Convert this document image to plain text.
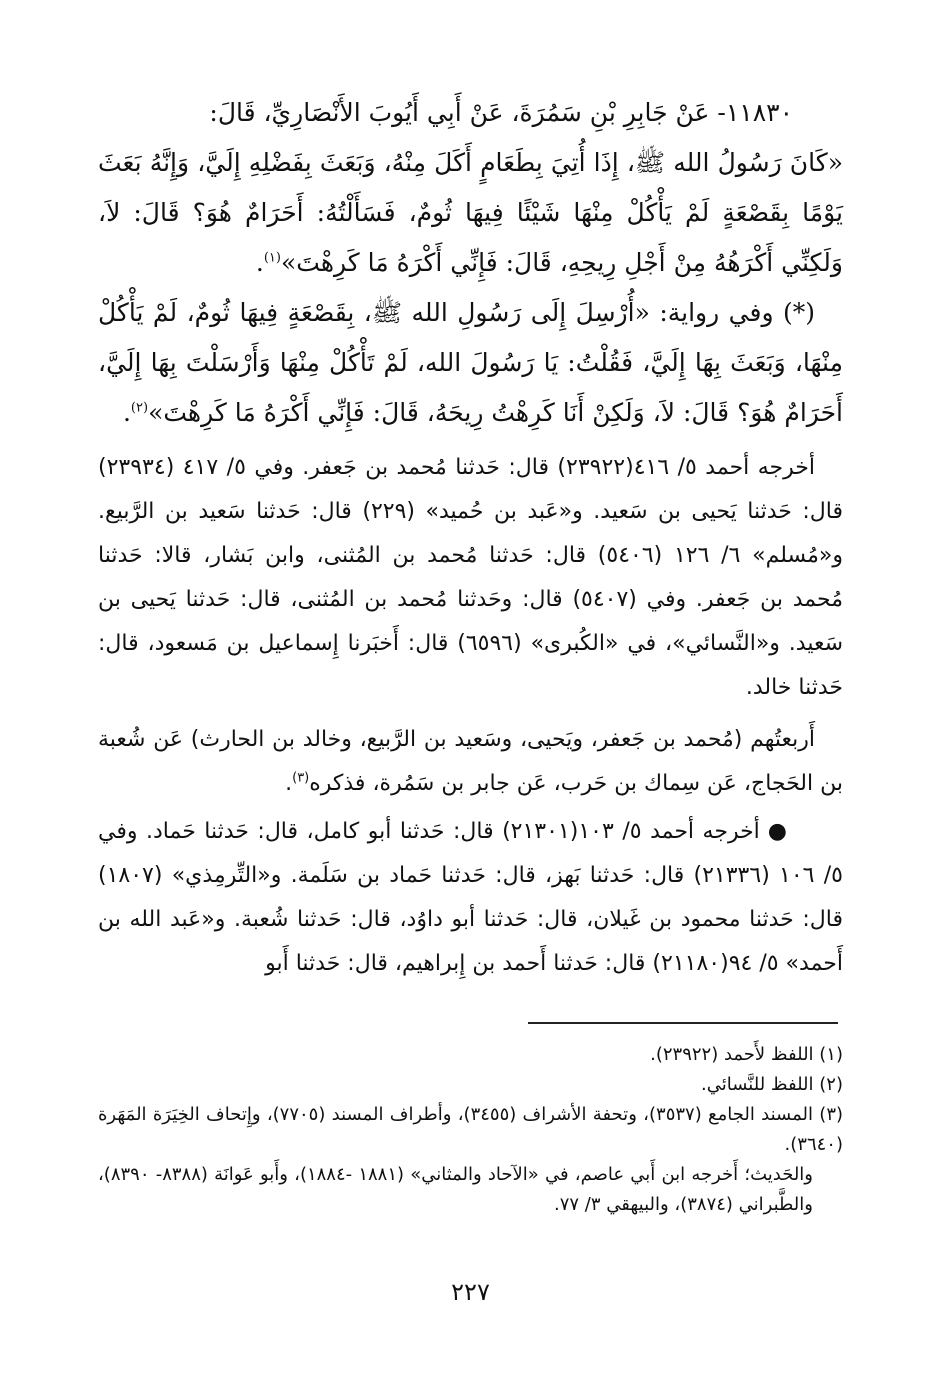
١١٨٣٠- عَنْ جَابِرِ بْنِ سَمُرَةَ، عَنْ أَبِي أَيُوبَ الأَنْصَارِيِّ، قَالَ:

«كَانَ رَسُولُ الله ﷺ، إِذَا أُتِيَ بِطَعَامٍ أَكَلَ مِنْهُ، وَبَعَثَ بِفَضْلِهِ إِلَيَّ، وَإِنَّهُ بَعَثَ يَوْمًا بِقَصْعَةٍ لَمْ يَأْكُلْ مِنْهَا شَيْئًا فِيهَا ثُومٌ، فَسَأَلْتُهُ: أَحَرَامٌ هُوَ؟ قَالَ: لاَ، وَلَكِنِّي أَكْرَهُهُ مِنْ أَجْلِ رِيحِهِ، قَالَ: فَإِنِّي أَكْرَهُ مَا كَرِهْتَ»$^{(١)}$.

(*) وفي رواية: «أُرْسِلَ إِلَى رَسُولِ الله ﷺ، بِقَصْعَةٍ فِيهَا ثُومٌ، لَمْ يَأْكُلْ مِنْهَا، وَبَعَثَ بِهَا إِلَيَّ، فَقُلْتُ: يَا رَسُولَ الله، لَمْ تَأْكُلْ مِنْهَا وَأَرْسَلْتَ بِهَا إِلَيَّ، أَحَرَامٌ هُوَ؟ قَالَ: لاَ، وَلَكِنْ أَنَا كَرِهْتُ رِيحَهُ، قَالَ: فَإِنِّي أَكْرَهُ مَا كَرِهْتَ»$^{(٢)}$.

أخرجه أحمد ٥/ ٤١٦(٢٣٩٢٢) قال: حَدثنا مُحمد بن جَعفر. وفي ٥/ ٤١٧ (٢٣٩٣٤) قال: حَدثنا يَحيى بن سَعيد. و«عَبد بن حُميد» (٢٢٩) قال: حَدثنا سَعيد بن الرَّبيع. و«مُسلم» ٦/ ١٢٦ (٥٤٠٦) قال: حَدثنا مُحمد بن المُثنى، وابن بَشار، قالا: حَدثنا مُحمد بن جَعفر. وفي (٥٤٠٧) قال: وحَدثنا مُحمد بن المُثنى، قال: حَدثنا يَحيى بن سَعيد. و«النَّسائي»، في «الكُبرى» (٦٥٩٦) قال: أَخبَرنا إِسماعيل بن مَسعود، قال: حَدثنا خالد.

أَربعتُهم (مُحمد بن جَعفر، ويَحيى، وسَعيد بن الرَّبيع، وخالد بن الحارث) عَن شُعبة بن الحَجاج، عَن سِماك بن حَرب، عَن جابر بن سَمُرة، فذكره$^{(٣)}$.

●أخرجه أحمد ٥/ ١٠٣(٢١٣٠١) قال: حَدثنا أبو كامل، قال: حَدثنا حَماد. وفي ٥/ ١٠٦ (٢١٣٣٦) قال: حَدثنا بَهز، قال: حَدثنا حَماد بن سَلَمة. و«التِّرمِذي» (١٨٠٧) قال: حَدثنا محمود بن غَيلان، قال: حَدثنا أبو داوُد، قال: حَدثنا شُعبة. و«عَبد الله بن أَحمد» ٥/ ٩٤(٢١١٨٠) قال: حَدثنا أَحمد بن إِبراهيم، قال: حَدثنا أَبو

(١) اللفظ لأَحمد (٢٣٩٢٢).

(٢) اللفظ للنَّسائي.

(٣) المسند الجامع (٣٥٣٧)، وتحفة الأشراف (٣٤٥٥)، وأطراف المسند (٧٧٠٥)، وإِتحاف الخِيَرَة المَهَرة (٣٦٤٠).

والحَديث؛ أَخرجه ابن أَبي عاصم، في «الآحاد والمثاني» (١٨٨١ -١٨٨٤)، وأَبو عَوانَة (٨٣٨٨- ٨٣٩٠)، والطَّبراني (٣٨٧٤)، والبيهقي ٣/ ٧٧.

٢٢٧
